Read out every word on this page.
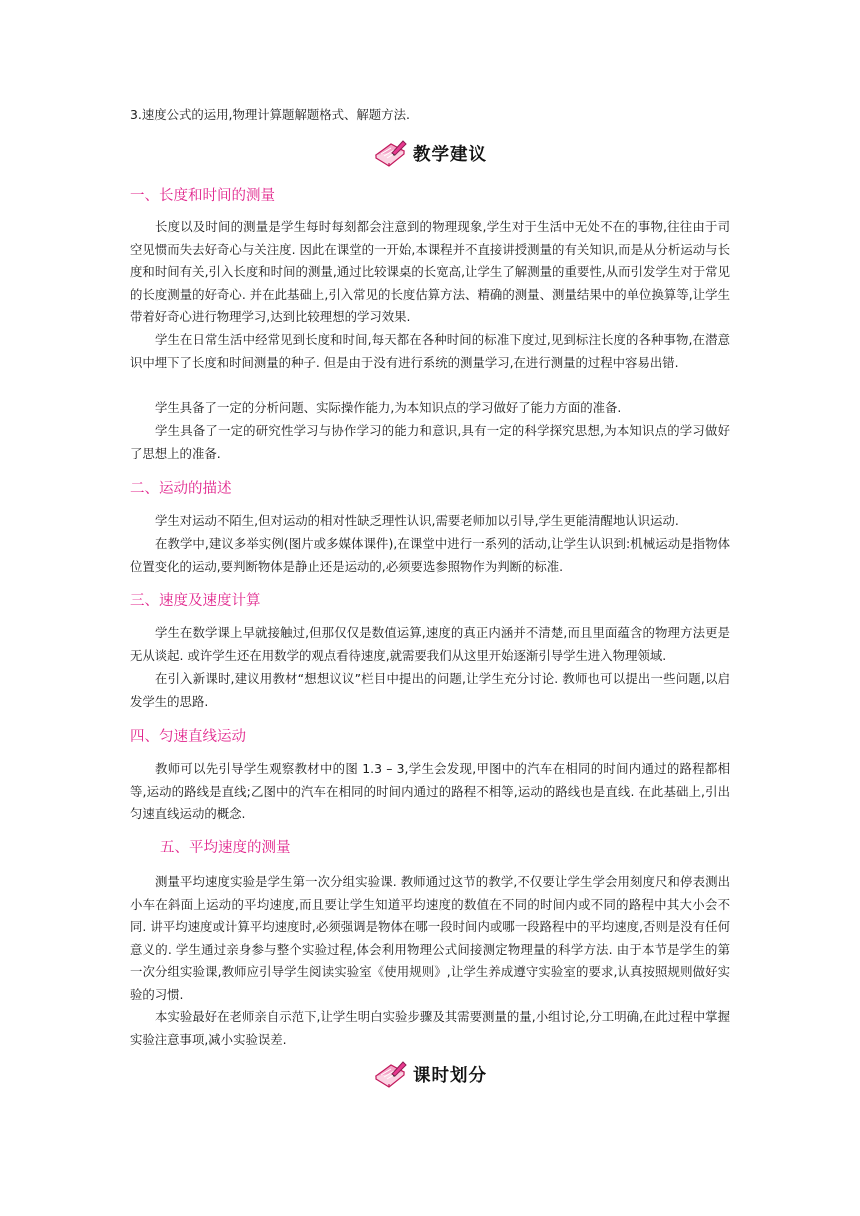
3.速度公式的运用,物理计算题解题格式、解题方法.

教学建议

一、长度和时间的测量

长度以及时间的测量是学生每时每刻都会注意到的物理现象,学生对于生活中无处不在的事物,往往由于司空见惯而失去好奇心与关注度. 因此在课堂的一开始,本课程并不直接讲授测量的有关知识,而是从分析运动与长度和时间有关,引入长度和时间的测量,通过比较课桌的长宽高,让学生了解测量的重要性,从而引发学生对于常见的长度测量的好奇心. 并在此基础上,引入常见的长度估算方法、精确的测量、测量结果中的单位换算等,让学生带着好奇心进行物理学习,达到比较理想的学习效果.

学生在日常生活中经常见到长度和时间,每天都在各种时间的标准下度过,见到标注长度的各种事物,在潜意识中埋下了长度和时间测量的种子. 但是由于没有进行系统的测量学习,在进行测量的过程中容易出错.

学生具备了一定的分析问题、实际操作能力,为本知识点的学习做好了能力方面的准备.

学生具备了一定的研究性学习与协作学习的能力和意识,具有一定的科学探究思想,为本知识点的学习做好了思想上的准备.

二、运动的描述

学生对运动不陌生,但对运动的相对性缺乏理性认识,需要老师加以引导,学生更能清醒地认识运动.

在教学中,建议多举实例(图片或多媒体课件),在课堂中进行一系列的活动,让学生认识到:机械运动是指物体位置变化的运动,要判断物体是静止还是运动的,必须要选参照物作为判断的标准.

三、速度及速度计算

学生在数学课上早就接触过,但那仅仅是数值运算,速度的真正内涵并不清楚,而且里面蕴含的物理方法更是无从谈起. 或许学生还在用数学的观点看待速度,就需要我们从这里开始逐渐引导学生进入物理领域.

在引入新课时,建议用教材“想想议议”栏目中提出的问题,让学生充分讨论. 教师也可以提出一些问题,以启发学生的思路.

四、匀速直线运动

教师可以先引导学生观察教材中的图 1.3 – 3,学生会发现,甲图中的汽车在相同的时间内通过的路程都相等,运动的路线是直线;乙图中的汽车在相同的时间内通过的路程不相等,运动的路线也是直线. 在此基础上,引出匀速直线运动的概念.

五、平均速度的测量

测量平均速度实验是学生第一次分组实验课. 教师通过这节的教学,不仅要让学生学会用刻度尺和停表测出小车在斜面上运动的平均速度,而且要让学生知道平均速度的数值在不同的时间内或不同的路程中其大小会不同. 讲平均速度或计算平均速度时,必须强调是物体在哪一段时间内或哪一段路程中的平均速度,否则是没有任何意义的. 学生通过亲身参与整个实验过程,体会利用物理公式间接测定物理量的科学方法. 由于本节是学生的第一次分组实验课,教师应引导学生阅读实验室《使用规则》,让学生养成遵守实验室的要求,认真按照规则做好实验的习惯.

本实验最好在老师亲自示范下,让学生明白实验步骤及其需要测量的量,小组讨论,分工明确,在此过程中掌握实验注意事项,减小实验误差.

课时划分
